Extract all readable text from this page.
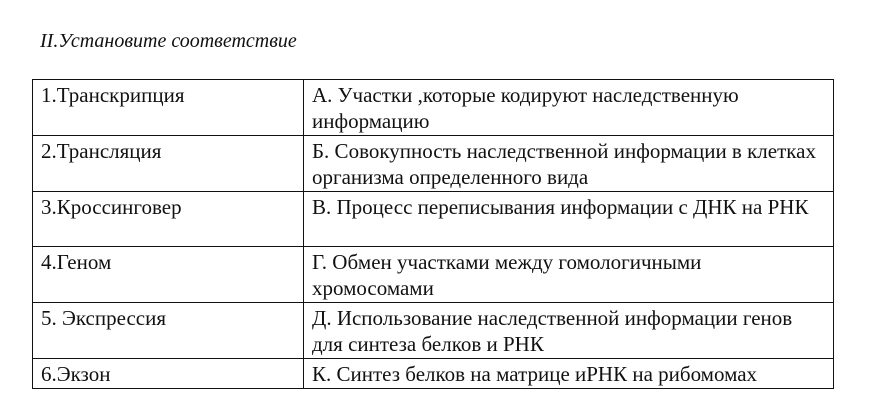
II.Установите соответствие
1.Транскрипция	А. Участки ,которые кодируют наследственную информацию
2.Трансляция	Б. Совокупность наследственной информации в клетках организма определенного вида
3.Кроссинговер	В. Процесс переписывания информации с ДНК на РНК
4.Геном	Г. Обмен участками между гомологичными хромосомами
5. Экспрессия	Д. Использование наследственной информации генов для синтеза белков и РНК
6.Экзон	К. Синтез белков на матрице иРНК на рибомомах
